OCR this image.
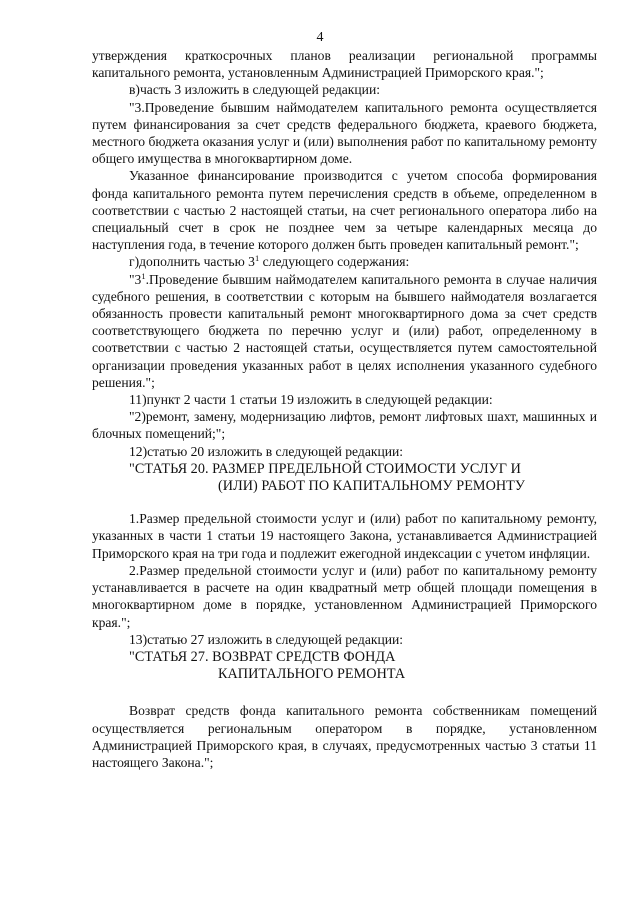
4

утверждения краткосрочных планов реализации региональной программы капитального ремонта, установленным Администрацией Приморского края.";

в)часть 3 изложить в следующей редакции:

"3.Проведение бывшим наймодателем капитального ремонта осуществляется путем финансирования за счет средств федерального бюджета, краевого бюджета, местного бюджета оказания услуг и (или) выполнения работ по капитальному ремонту общего имущества в многоквартирном доме.

Указанное финансирование производится с учетом способа формирования фонда капитального ремонта путем перечисления средств в объеме, определенном в соответствии с частью 2 настоящей статьи, на счет регионального оператора либо на специальный счет в срок не позднее чем за четыре календарных месяца до наступления года, в течение которого должен быть проведен капитальный ремонт.";

г)дополнить частью $3^1$ следующего содержания:

"$3^1.Проведение$ бывшим наймодателем капитального ремонта в случае наличия судебного решения, в соответствии с которым на бывшего наймодателя возлагается обязанность провести капитальный ремонт многоквартирного дома за счет средств соответствующего бюджета по перечню услуг и (или) работ, определенному в соответствии с частью 2 настоящей статьи, осуществляется путем самостоятельной организации проведения указанных работ в целях исполнения указанного судебного решения.";

11)пункт 2 части 1 статьи 19 изложить в следующей редакции:

"2)ремонт, замену, модернизацию лифтов, ремонт лифтовых шахт, машинных и блочных помещений;";

12)статью 20 изложить в следующей редакции:

"СТАТЬЯ 20. РАЗМЕР ПРЕДЕЛЬНОЙ СТОИМОСТИ УСЛУГ И

(ИЛИ) РАБОТ ПО КАПИТАЛЬНОМУ РЕМОНТУ

1.Размер предельной стоимости услуг и (или) работ по капитальному ремонту, указанных в части 1 статьи 19 настоящего Закона, устанавливается Администрацией Приморского края на три года и подлежит ежегодной индексации с учетом инфляции.

2.Размер предельной стоимости услуг и (или) работ по капитальному ремонту устанавливается в расчете на один квадратный метр общей площади помещения в многоквартирном доме в порядке, установленном Администрацией Приморского края.";

13)статью 27 изложить в следующей редакции:

"СТАТЬЯ 27. ВОЗВРАТ СРЕДСТВ ФОНДА

КАПИТАЛЬНОГО РЕМОНТА

Возврат средств фонда капитального ремонта собственникам помещений осуществляется региональным оператором в порядке, установленном Администрацией Приморского края, в случаях, предусмотренных частью 3 статьи 11 настоящего Закона.";
